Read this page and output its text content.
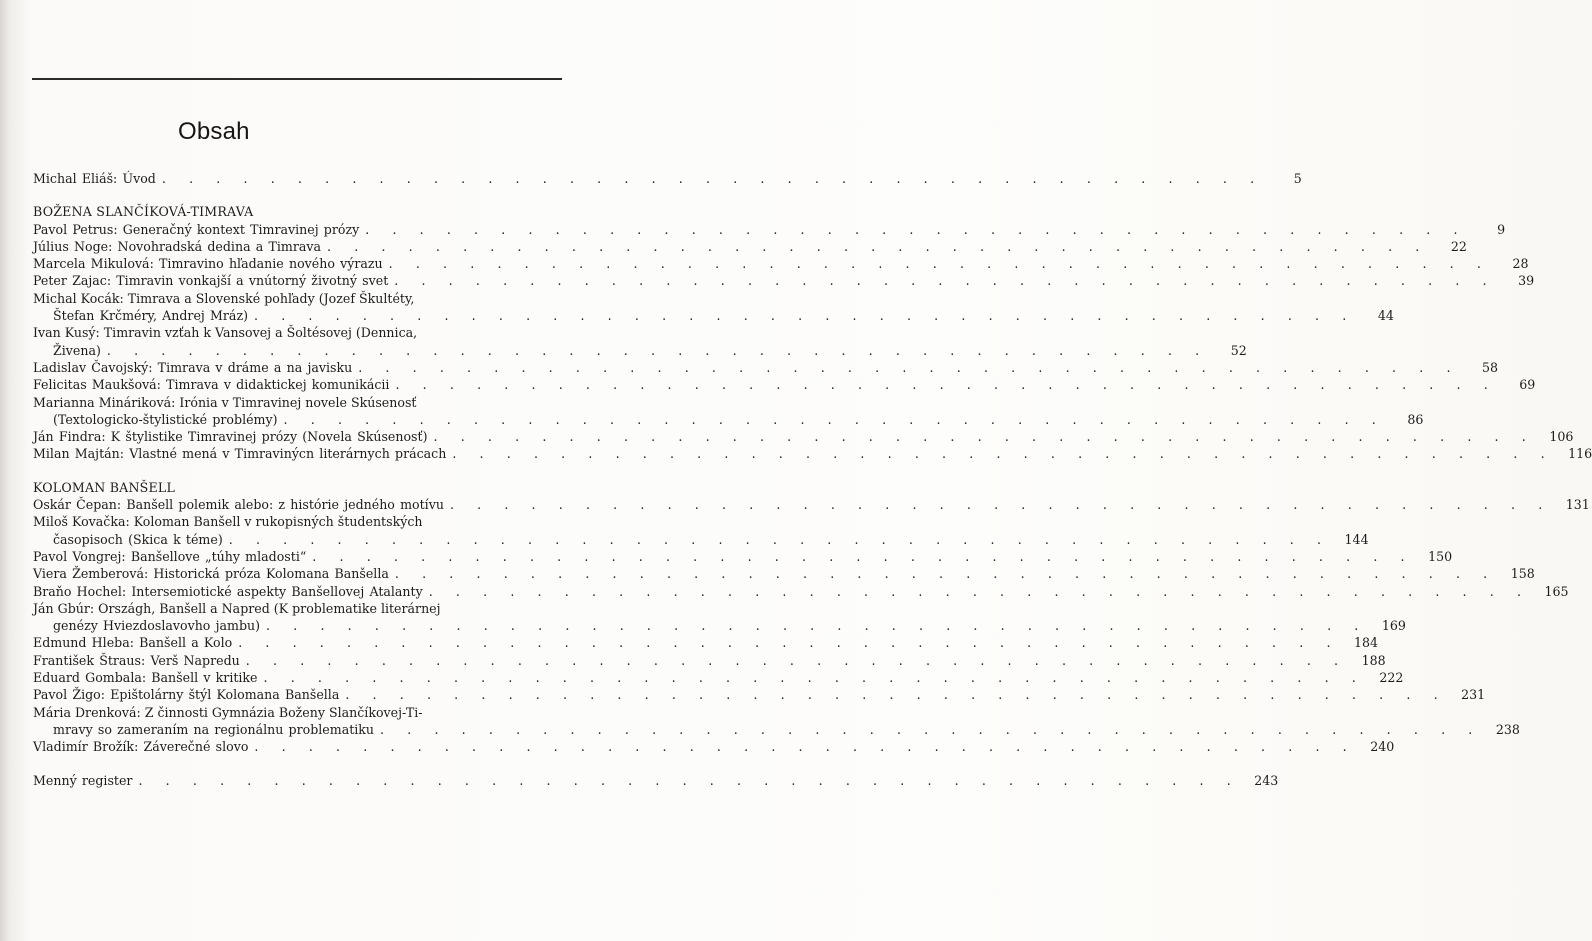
Obsah
Michal Eliáš: Úvod . . . . . . . . . . . . . . . . . . . . . . . . . . . . . . . . . . . . . . . . .	5
BOŽENA SLANČÍKOVÁ-TIMRAVA
Pavol Petrus: Generačný kontext Timravinej prózy . . . . . . . . . . . . . . . . . . . . . . . . . . . . . . . . . . . . . . . . .	9
Július Noge: Novohradská dedina a Timrava . . . . . . . . . . . . . . . . . . . . . . . . . . . . . . . . . . . . . . . . .	22
Marcela Mikulová: Timravino hľadanie nového výrazu . . . . . . . . . . . . . . . . . . . . . . . . . . . . . . . . . . . . . . . . .	28
Peter Zajac: Timravin vonkajší a vnútorný životný svet . . . . . . . . . . . . . . . . . . . . . . . . . . . . . . . . . . . . . . . . .	39
Michal Kocák: Timrava a Slovenské pohľady (Jozef Škultéty,
Štefan Krčméry, Andrej Mráz) . . . . . . . . . . . . . . . . . . . . . . . . . . . . . . . . . . . . . . . . .	44
Ivan Kusý: Timravin vzťah k Vansovej a Šoltésovej (Dennica,
Živena) . . . . . . . . . . . . . . . . . . . . . . . . . . . . . . . . . . . . . . . . .	52
Ladislav Čavojský: Timrava v dráme a na javisku . . . . . . . . . . . . . . . . . . . . . . . . . . . . . . . . . . . . . . . . .	58
Felicitas Maukšová: Timrava v didaktickej komunikácii . . . . . . . . . . . . . . . . . . . . . . . . . . . . . . . . . . . . . . . . .	69
Marianna Mináriková: Irónia v Timravinej novele Skúsenosť
(Textologicko-štylistické problémy) . . . . . . . . . . . . . . . . . . . . . . . . . . . . . . . . . . . . . . . . .	86
Ján Findra: K štylistike Timravinej prózy (Novela Skúsenosť) . . . . . . . . . . . . . . . . . . . . . . . . . . . . . . . . . . . . . . . . .	106
Milan Majtán: Vlastné mená v Timravinýcn literárnych prácach . . . . . . . . . . . . . . . . . . . . . . . . . . . . . . . . . . . . . . . . .	116
KOLOMAN BANŠELL
Oskár Čepan: Banšell polemik alebo: z histórie jedného motívu . . . . . . . . . . . . . . . . . . . . . . . . . . . . . . . . . . . . . . . . .	131
Miloš Kovačka: Koloman Banšell v rukopisných študentských
časopisoch (Skica k téme) . . . . . . . . . . . . . . . . . . . . . . . . . . . . . . . . . . . . . . . . .	144
Pavol Vongrej: Banšellove „túhy mladosti“ . . . . . . . . . . . . . . . . . . . . . . . . . . . . . . . . . . . . . . . . .	150
Viera Žemberová: Historická próza Kolomana Banšella . . . . . . . . . . . . . . . . . . . . . . . . . . . . . . . . . . . . . . . . .	158
Braňo Hochel: Intersemiotické aspekty Banšellovej Atalanty . . . . . . . . . . . . . . . . . . . . . . . . . . . . . . . . . . . . . . . . .	165
Ján Gbúr: Országh, Banšell a Napred (K problematike literárnej
genézy Hviezdoslavovho jambu) . . . . . . . . . . . . . . . . . . . . . . . . . . . . . . . . . . . . . . . . .	169
Edmund Hleba: Banšell a Kolo . . . . . . . . . . . . . . . . . . . . . . . . . . . . . . . . . . . . . . . . .	184
František Štraus: Verš Napredu . . . . . . . . . . . . . . . . . . . . . . . . . . . . . . . . . . . . . . . . .	188
Eduard Gombala: Banšell v kritike . . . . . . . . . . . . . . . . . . . . . . . . . . . . . . . . . . . . . . . . .	222
Pavol Žigo: Epištolárny štýl Kolomana Banšella . . . . . . . . . . . . . . . . . . . . . . . . . . . . . . . . . . . . . . . . .	231
Mária Drenková: Z činnosti Gymnázia Boženy Slančíkovej-Ti-
mravy so zameraním na regionálnu problematiku . . . . . . . . . . . . . . . . . . . . . . . . . . . . . . . . . . . . . . . . .	238
Vladimír Brožík: Záverečné slovo . . . . . . . . . . . . . . . . . . . . . . . . . . . . . . . . . . . . . . . . .	240
Menný register . . . . . . . . . . . . . . . . . . . . . . . . . . . . . . . . . . . . . . . . .	243
